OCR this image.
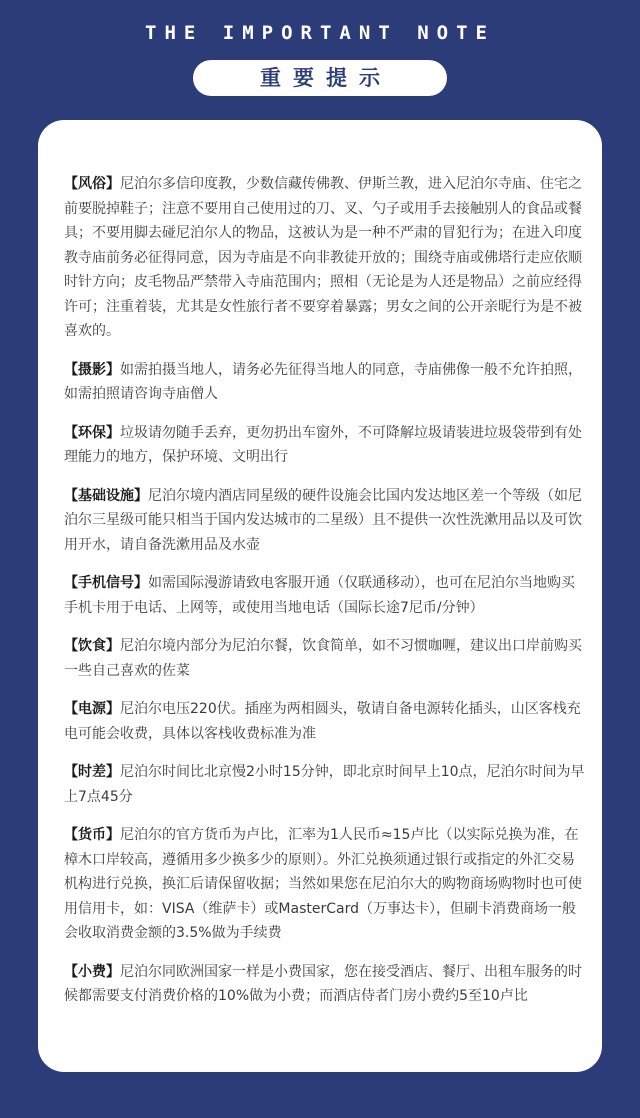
THE IMPORTANT NOTE
重要提示
【风俗】尼泊尔多信印度教，少数信藏传佛教、伊斯兰教，进入尼泊尔寺庙、住宅之前要脱掉鞋子；注意不要用自己使用过的刀、叉、勺子或用手去接触别人的食品或餐具；不要用脚去碰尼泊尔人的物品，这被认为是一种不严肃的冒犯行为；在进入印度教寺庙前务必征得同意，因为寺庙是不向非教徒开放的；围绕寺庙或佛塔行走应依顺时针方向；皮毛物品严禁带入寺庙范围内；照相（无论是为人还是物品）之前应经得许可；注重着装，尤其是女性旅行者不要穿着暴露；男女之间的公开亲昵行为是不被喜欢的。
【摄影】如需拍摄当地人，请务必先征得当地人的同意，寺庙佛像一般不允许拍照，如需拍照请咨询寺庙僧人
【环保】垃圾请勿随手丢弃，更勿扔出车窗外，不可降解垃圾请装进垃圾袋带到有处理能力的地方，保护环境、文明出行
【基础设施】尼泊尔境内酒店同星级的硬件设施会比国内发达地区差一个等级（如尼泊尔三星级可能只相当于国内发达城市的二星级）且不提供一次性洗漱用品以及可饮用开水，请自备洗漱用品及水壶
【手机信号】如需国际漫游请致电客服开通（仅联通移动），也可在尼泊尔当地购买手机卡用于电话、上网等，或使用当地电话（国际长途7尼币/分钟）
【饮食】尼泊尔境内部分为尼泊尔餐，饮食简单，如不习惯咖喱，建议出口岸前购买一些自己喜欢的佐菜
【电源】尼泊尔电压220伏。插座为两相圆头，敬请自备电源转化插头，山区客栈充电可能会收费，具体以客栈收费标准为准
【时差】尼泊尔时间比北京慢2小时15分钟，即北京时间早上10点，尼泊尔时间为早上7点45分
【货币】尼泊尔的官方货币为卢比，汇率为1人民币≈15卢比（以实际兑换为准，在樟木口岸较高，遵循用多少换多少的原则）。外汇兑换须通过银行或指定的外汇交易机构进行兑换，换汇后请保留收据；当然如果您在尼泊尔大的购物商场购物时也可使用信用卡，如：VISA（维萨卡）或MasterCard（万事达卡），但刷卡消费商场一般会收取消费金额的3.5%做为手续费
【小费】尼泊尔同欧洲国家一样是小费国家，您在接受酒店、餐厅、出租车服务的时候都需要支付消费价格的10%做为小费；而酒店侍者门房小费约5至10卢比
